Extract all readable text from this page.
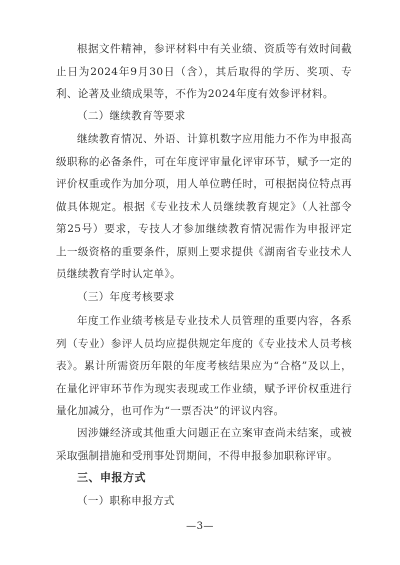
根据文件精神，参评材料中有关业绩、资质等有效时间截止日为2024年9月30日（含），其后取得的学历、奖项、专利、论著及业绩成果等，不作为2024年度有效参评材料。

（二）继续教育等要求

继续教育情况、外语、计算机数字应用能力不作为申报高级职称的必备条件，可在年度评审量化评审环节，赋予一定的评价权重或作为加分项，用人单位聘任时，可根据岗位特点再做具体规定。根据《专业技术人员继续教育规定》（人社部令第25号）要求，专技人才参加继续教育情况需作为申报评定上一级资格的重要条件，原则上要求提供《湖南省专业技术人员继续教育学时认定单》。

（三）年度考核要求

年度工作业绩考核是专业技术人员管理的重要内容，各系列（专业）参评人员均应提供规定年度的《专业技术人员考核表》。累计所需资历年限的年度考核结果应为“合格”及以上，在量化评审环节作为现实表现或工作业绩，赋予评价权重进行量化加减分，也可作为“一票否决”的评议内容。

因涉嫌经济或其他重大问题正在立案审查尚未结案，或被采取强制措施和受刑事处罚期间，不得申报参加职称评审。

三、申报方式
（一）职称申报方式
—3—
